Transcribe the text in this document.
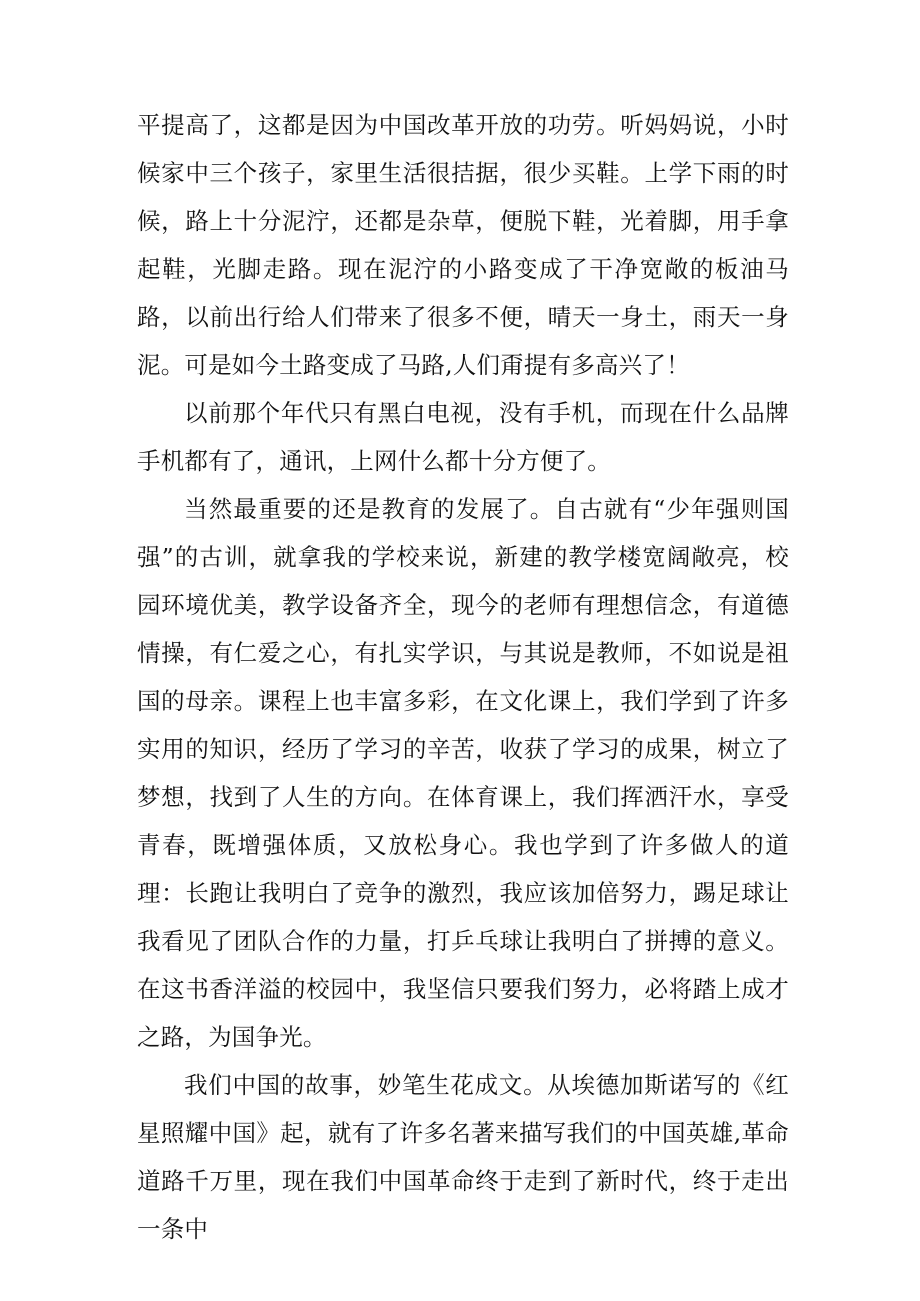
平提高了，这都是因为中国改革开放的功劳。听妈妈说，小时候家中三个孩子，家里生活很拮据，很少买鞋。上学下雨的时候，路上十分泥泞，还都是杂草，便脱下鞋，光着脚，用手拿起鞋，光脚走路。现在泥泞的小路变成了干净宽敞的板油马路，以前出行给人们带来了很多不便，晴天一身土，雨天一身泥。可是如今土路变成了马路,人们甭提有多高兴了！

以前那个年代只有黑白电视，没有手机，而现在什么品牌手机都有了，通讯，上网什么都十分方便了。

当然最重要的还是教育的发展了。自古就有“少年强则国强”的古训，就拿我的学校来说，新建的教学楼宽阔敞亮，校园环境优美，教学设备齐全，现今的老师有理想信念，有道德情操，有仁爱之心，有扎实学识，与其说是教师，不如说是祖国的母亲。课程上也丰富多彩，在文化课上，我们学到了许多实用的知识，经历了学习的辛苦，收获了学习的成果，树立了梦想，找到了人生的方向。在体育课上，我们挥洒汗水，享受青春，既增强体质，又放松身心。我也学到了许多做人的道理：长跑让我明白了竞争的激烈，我应该加倍努力，踢足球让我看见了团队合作的力量，打乒乓球让我明白了拼搏的意义。在这书香洋溢的校园中，我坚信只要我们努力，必将踏上成才之路，为国争光。

我们中国的故事，妙笔生花成文。从埃德加斯诺写的《红星照耀中国》起，就有了许多名著来描写我们的中国英雄,革命道路千万里，现在我们中国革命终于走到了新时代，终于走出一条中
